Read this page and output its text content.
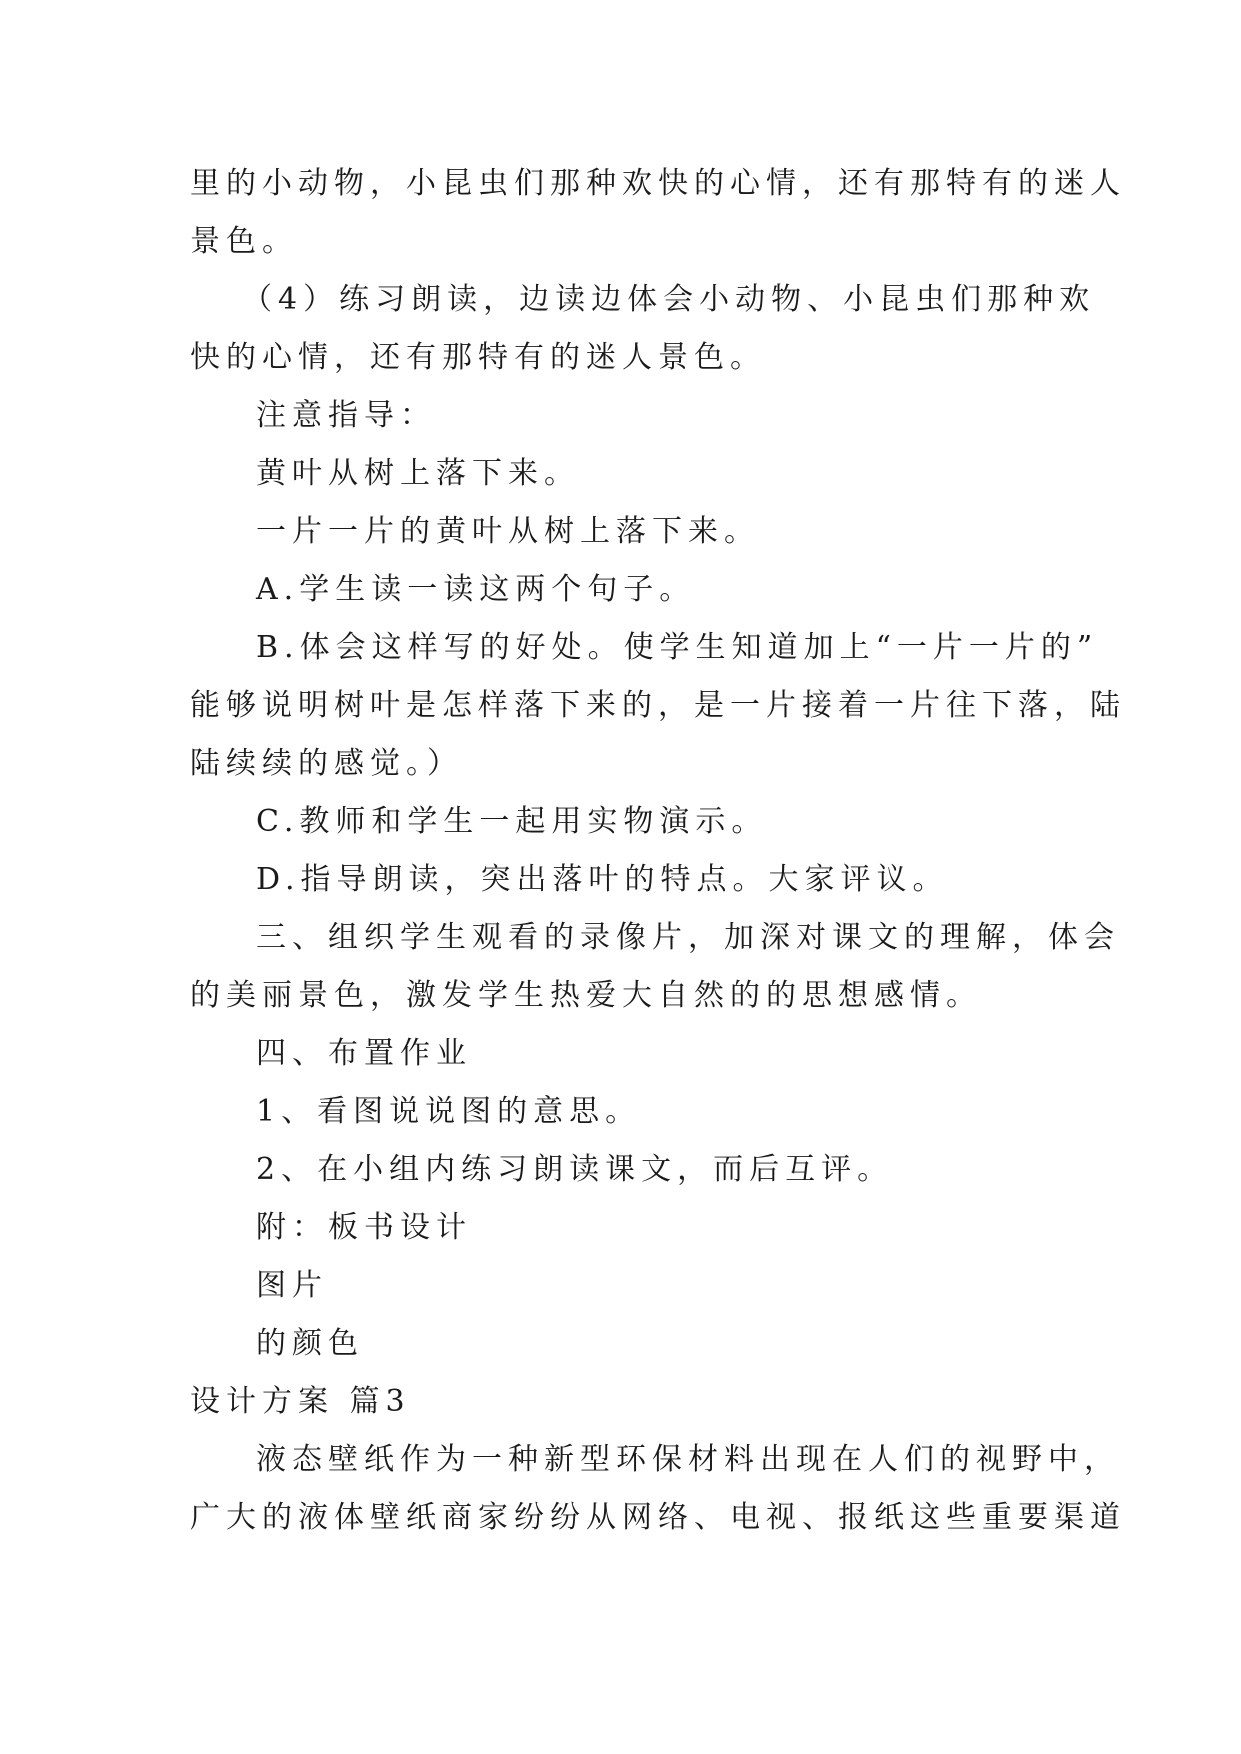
里的小动物，小昆虫们那种欢快的心情，还有那特有的迷人

景色。

（4）练习朗读，边读边体会小动物、小昆虫们那种欢

快的心情，还有那特有的迷人景色。

注意指导：

黄叶从树上落下来。

一片一片的黄叶从树上落下来。

A.学生读一读这两个句子。

B.体会这样写的好处。使学生知道加上“一片一片的”

能够说明树叶是怎样落下来的，是一片接着一片往下落，陆

陆续续的感觉。）

C.教师和学生一起用实物演示。

D.指导朗读，突出落叶的特点。大家评议。

三、组织学生观看的录像片，加深对课文的理解，体会

的美丽景色，激发学生热爱大自然的的思想感情。

四、布置作业

1、看图说说图的意思。

2、在小组内练习朗读课文，而后互评。

附：板书设计

图片

的颜色

设计方案 篇3

液态壁纸作为一种新型环保材料出现在人们的视野中，

广大的液体壁纸商家纷纷从网络、电视、报纸这些重要渠道
